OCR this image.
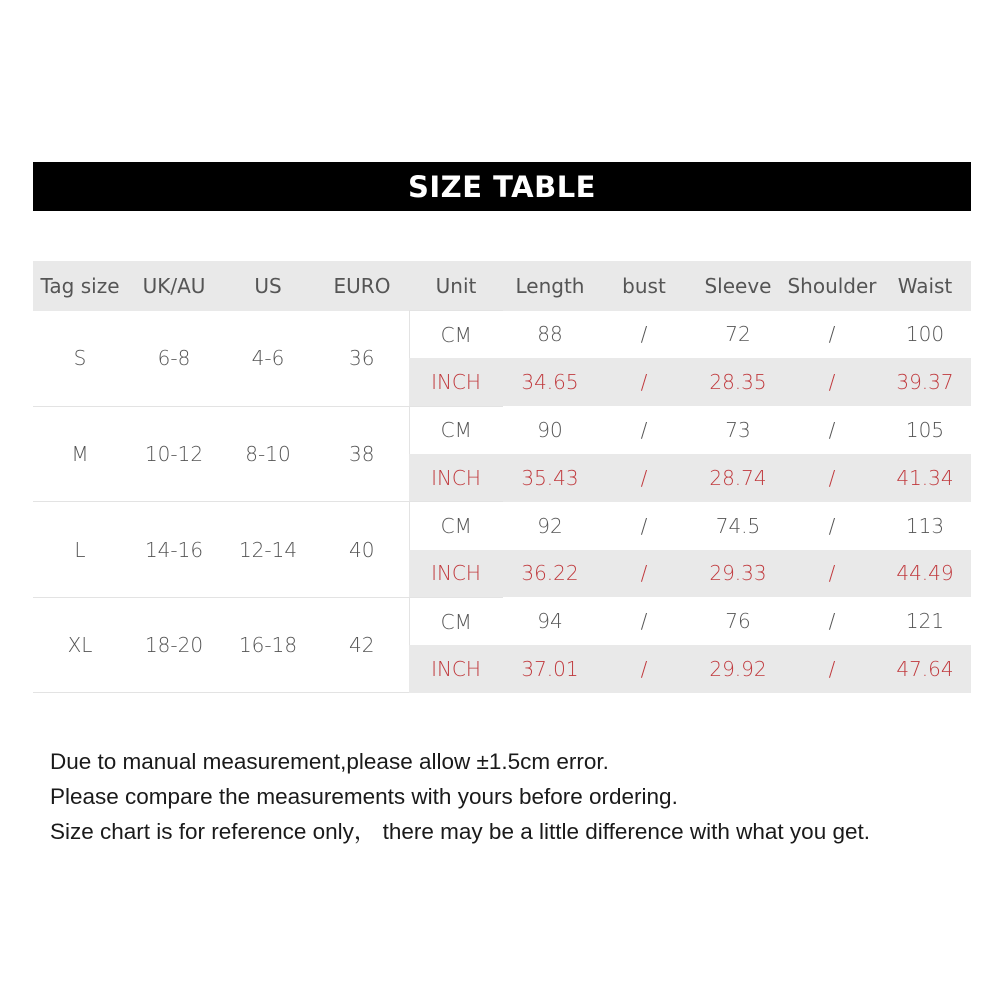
SIZE TABLE
Tag size	UK/AU	US	EURO	Unit	Length	bust	Sleeve	Shoulder	Waist
S	6-8	4-6	36	CM	88	/	72	/	100
				INCH	34.65	/	28.35	/	39.37
M	10-12	8-10	38	CM	90	/	73	/	105
				INCH	35.43	/	28.74	/	41.34
L	14-16	12-14	40	CM	92	/	74.5	/	113
				INCH	36.22	/	29.33	/	44.49
XL	18-20	16-18	42	CM	94	/	76	/	121
				INCH	37.01	/	29.92	/	47.64
Due to manual measurement,please allow ±1.5cm error.
Please compare the measurements with yours before ordering.
Size chart is for reference only， there may be a little difference with what you get.
